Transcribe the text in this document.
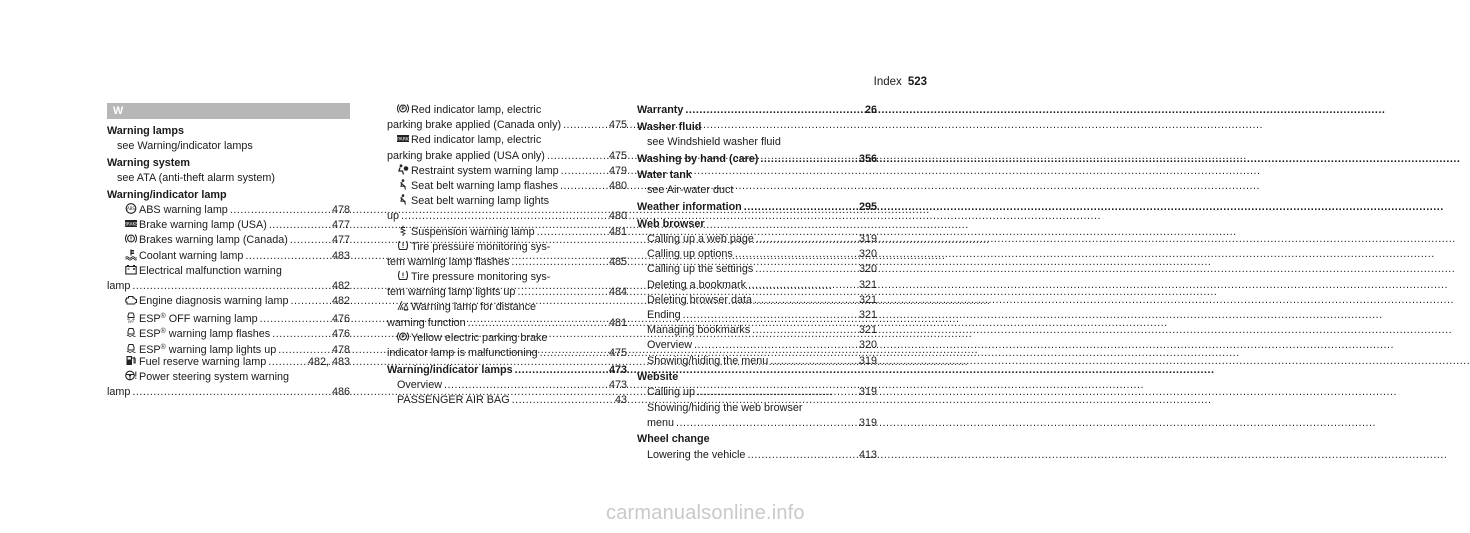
Index 523
W
Warning lamps
see Warning/indicator lamps
Warning system
see ATA (anti-theft alarm system)
Warning/indicator lamp
ABS ABS warning lamp .....	478
BRAKE Brake warning lamp (USA) .....	477
Brakes warning lamp (Canada) .....	477
Coolant warning lamp .....	483
Electrical malfunction warning
lamp .....	482
Engine diagnosis warning lamp .....	482
OFF ESP® OFF warning lamp .....	476
ESP® warning lamp flashes .....	476
ESP® warning lamp lights up .....	478
Fuel reserve warning lamp .....	482, 483
Power steering system warning
lamp .....	486
P Red indicator lamp, electric
parking brake applied (Canada only) .....	475
PARK Red indicator lamp, electric
parking brake applied (USA only) .....	475
Restraint system warning lamp .....	479
Seat belt warning lamp flashes .....	480
Seat belt warning lamp lights
up .....	480
Suspension warning lamp .....	481
Tire pressure monitoring sys-
tem warning lamp flashes .....	485
Tire pressure monitoring sys-
tem warning lamp lights up .....	484
Warning lamp for distance
warning function .....	481
P Yellow electric parking brake
indicator lamp is malfunctioning .....	475
Warning/indicator lamps .....	473
Overview .....	473
PASSENGER AIR BAG .....	43
Warranty .....	26
Washer fluid
see Windshield washer fluid
Washing by hand (care) .....	356
Water tank
see Air-water duct
Weather information .....	295
Web browser
Calling up a web page .....	319
Calling up options .....	320
Calling up the settings .....	320
Deleting a bookmark .....	321
Deleting browser data .....	321
Ending .....	321
Managing bookmarks .....	321
Overview .....	320
Showing/hiding the menu .....	319
Website
Calling up .....	319
Showing/hiding the web browser
menu .....	319
Wheel change
Lowering the vehicle .....	413
carmanualsonline.info
